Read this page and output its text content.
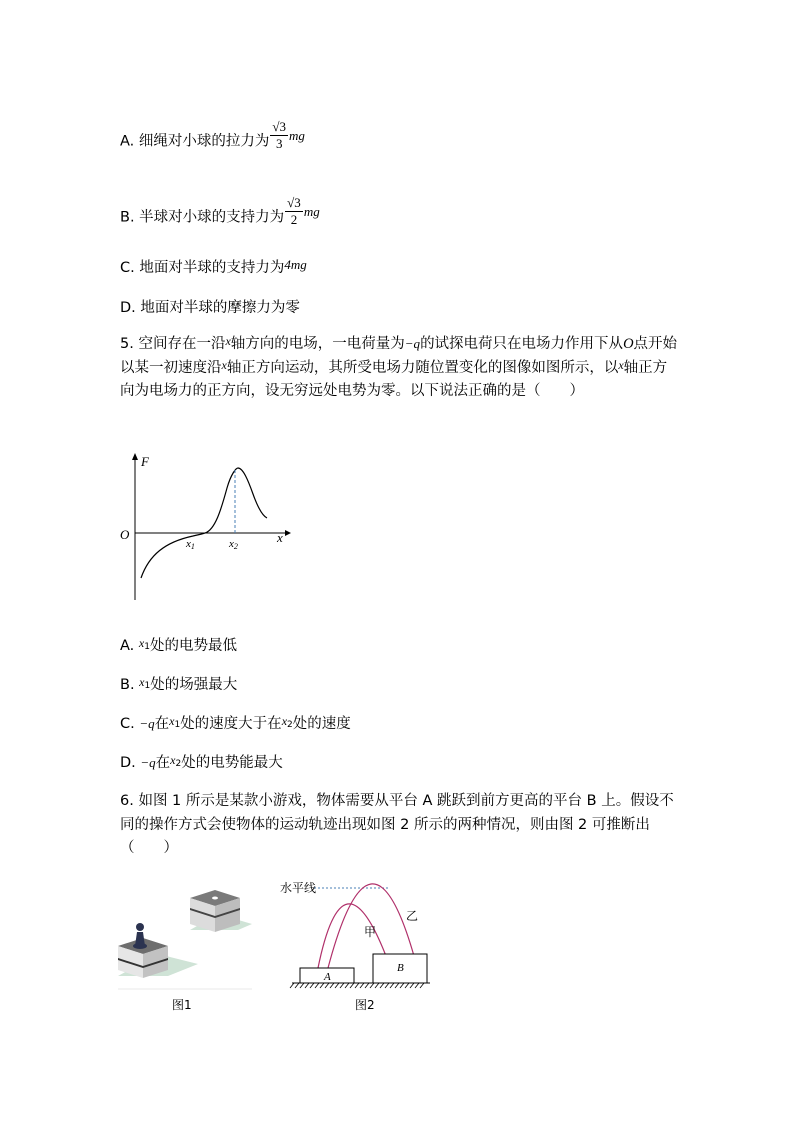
A. 细绳对小球的拉力为 $\frac{√3}{3}$ mg
B. 半球对小球的支持力为 $\frac{√3}{2}$ mg
C. 地面对半球的支持力为4mg
D. 地面对半球的摩擦力为零
5. 空间存在一沿$^x$轴方向的电场，一电荷量为−q的试探电荷只在电场力作用下从O点开始以某一初速度沿$^x$轴正方向运动，其所受电场力随位置变化的图像如图所示，以$^x$轴正方向为电场力的正方向，设无穷远处电势为零。以下说法正确的是（　　）
F
x
O
x1	x2
A. $^x$1处的电势最低
B. $^x$1处的场强最大
C. −q在$^x$1处的速度大于在$^x$2处的速度
D. −q在$^x$2处的电势能最大
6. 如图 1 所示是某款小游戏，物体需要从平台 A 跳跃到前方更高的平台 B 上。假设不同的操作方式会使物体的运动轨迹出现如图 2 所示的两种情况，则由图 2 可推断出（　　）
图1
水平线
甲
乙
A
B
图2
